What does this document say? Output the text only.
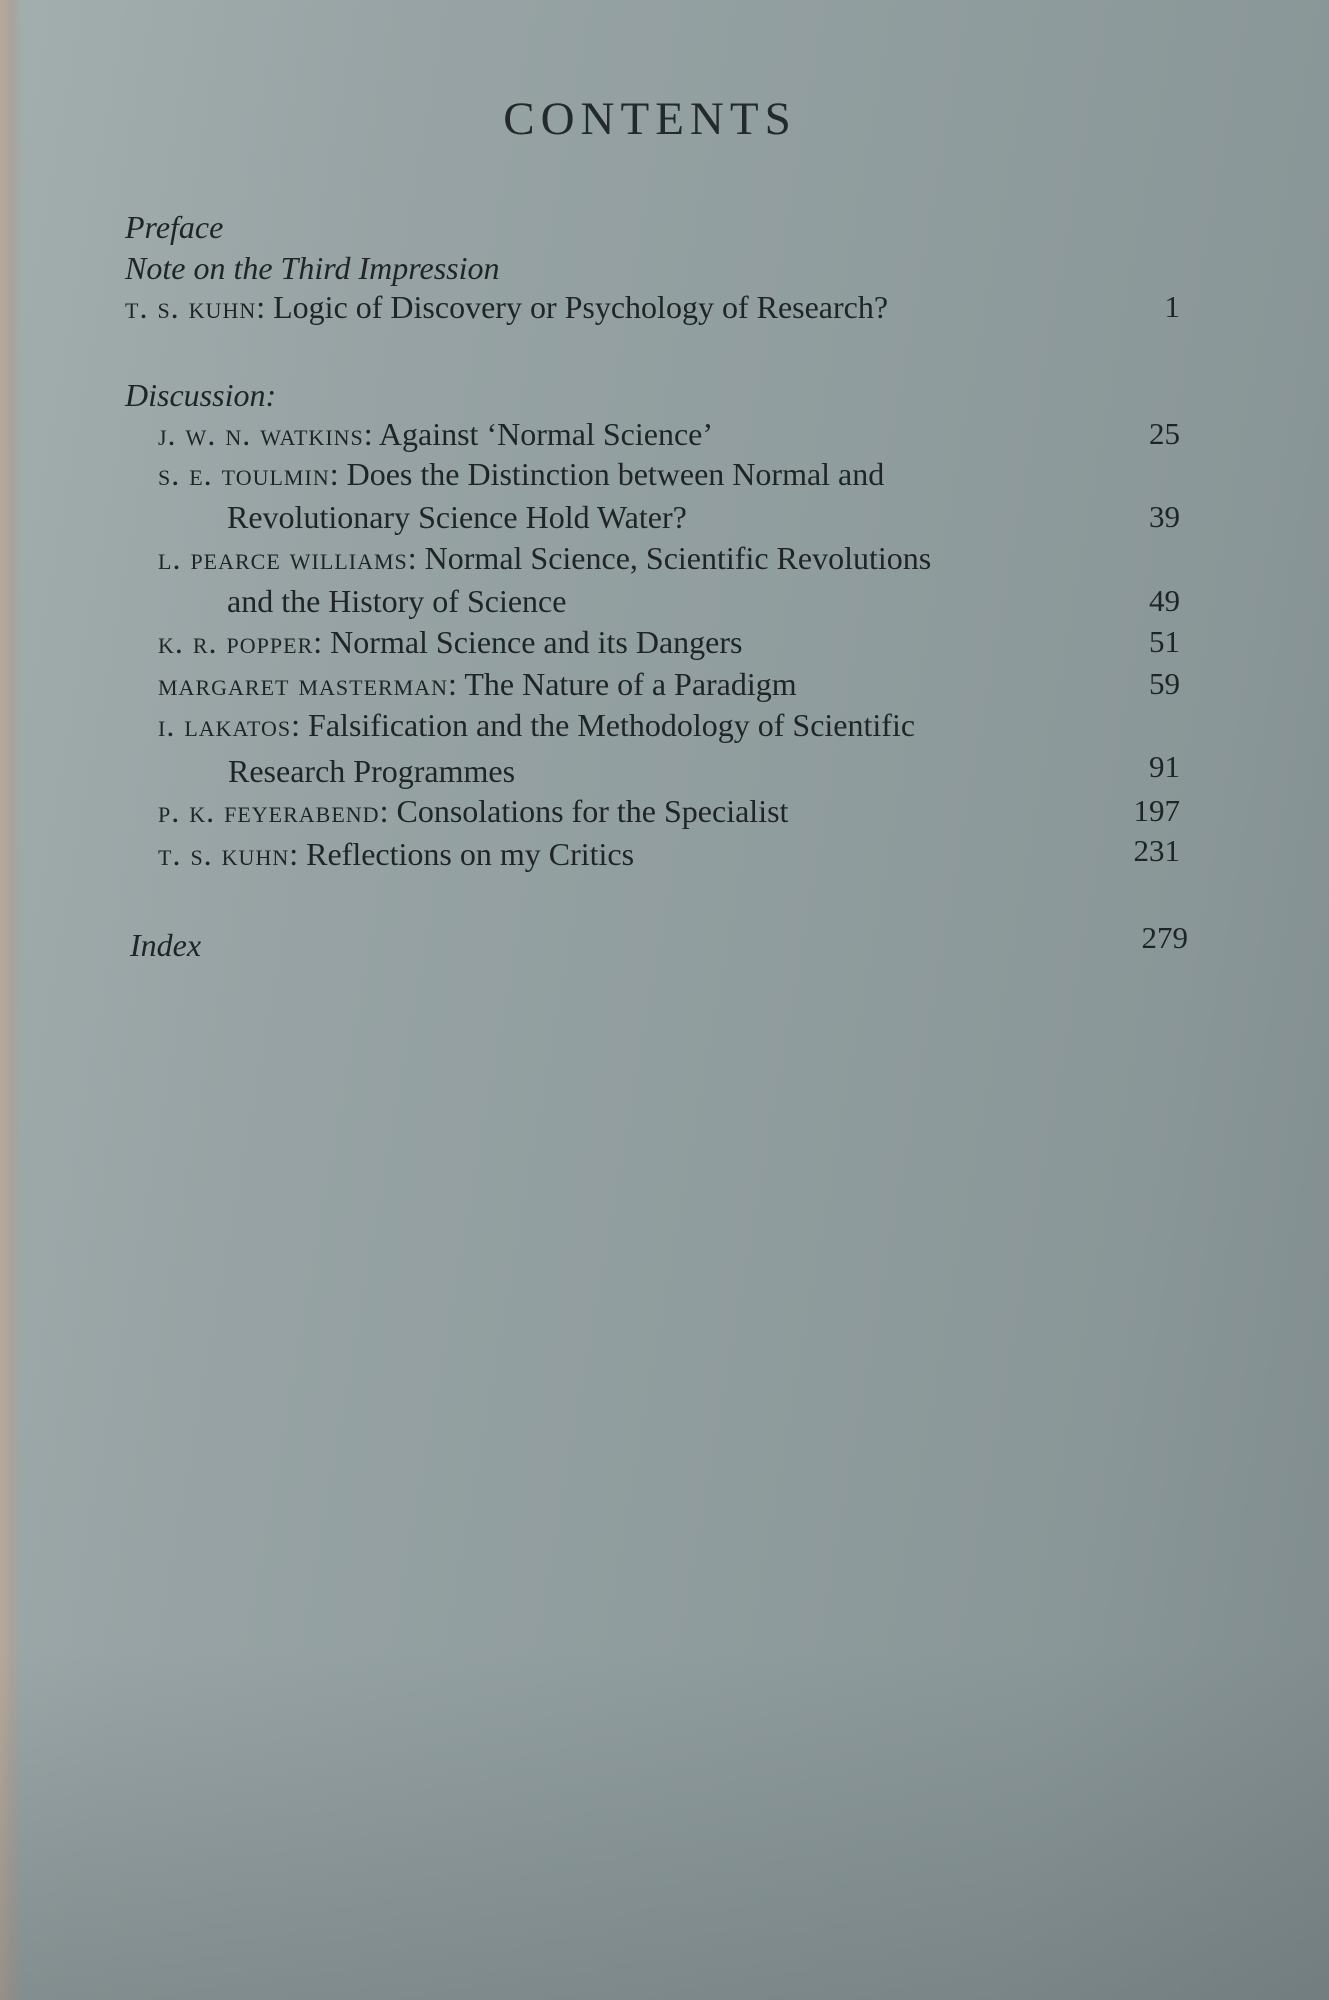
CONTENTS
Preface
Note on the Third Impression
t. s. kuhn: Logic of Discovery or Psychology of Research?	1
Discussion:
j. w. n. watkins: Against ‘Normal Science’	25
s. e. toulmin: Does the Distinction between Normal and
Revolutionary Science Hold Water?	39
l. pearce williams: Normal Science, Scientific Revolutions
and the History of Science	49
k. r. popper: Normal Science and its Dangers	51
margaret masterman: The Nature of a Paradigm	59
i. lakatos: Falsification and the Methodology of Scientific
Research Programmes	91
p. k. feyerabend: Consolations for the Specialist	197
t. s. kuhn: Reflections on my Critics	231
Index	279
